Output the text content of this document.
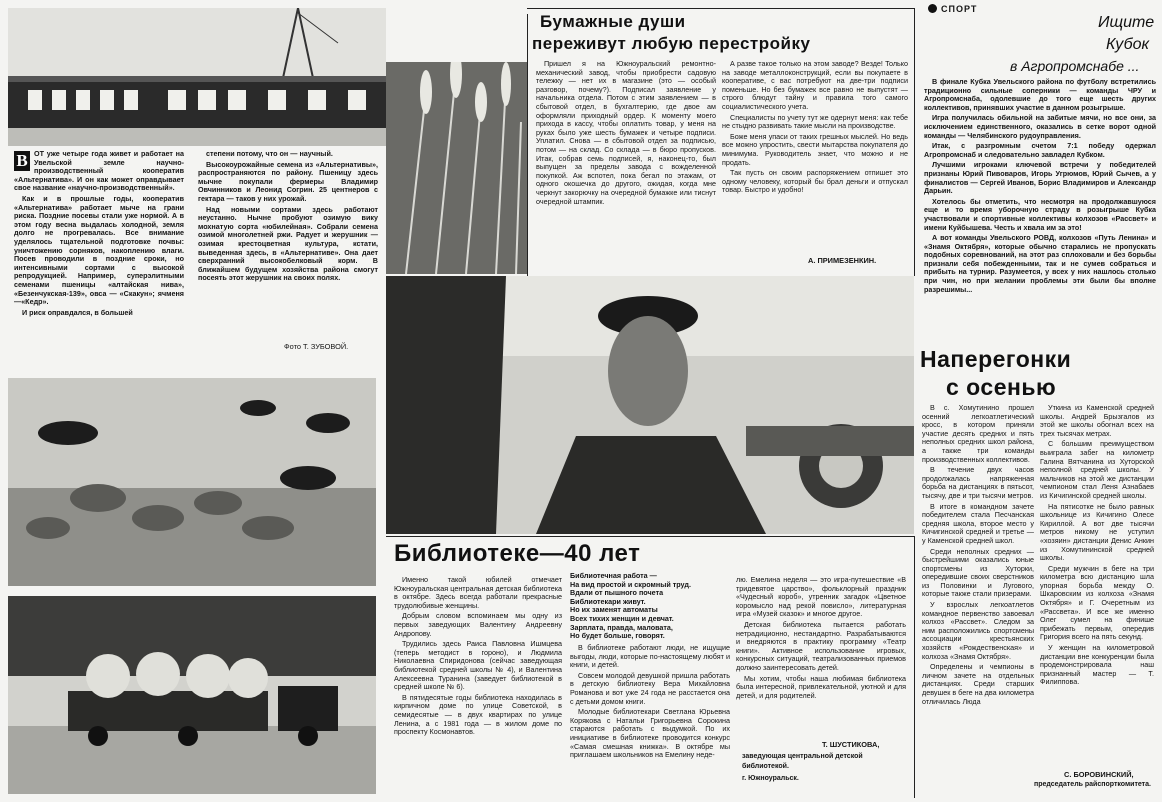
СПОРТ
В ОТ уже четыре года живет и работает на Увельской земле научно-производственный кооператив «Альтернатива». И он как может оправдывает свое название «научно-производственный».

Как и в прошлые годы, кооператив «Альтернатива» работает мыче на грани риска. Поздние посевы стали уже нормой. А в этом году весна выдалась холодной, земля долго не прогревалась. Все внимание уделялось тщательной подготовке почвы: уничтожению сорняков, накоплению влаги. Посев проводили в поздние сроки, но интенсивными сортами с высокой репродукцией. Например, суперэлитными семенами пшеницы «алтайская нива», «Безенчукская-139», овса — «Скакун»; ячменя—«Кедр».

И риск оправдался, в большей

степени потому, что он — научный.

Высокоурожайные семена из «Альтернативы», распространяются по району. Пшеницу здесь мычне покупали фермеры Владимир Овчинников и Леонид Согрин. 25 центнеров с гектара — таков у них урожай.

Над новыми сортами здесь работают неустанно. Нычне пробуют озимую вику мохнатую сорта «юбилейная». Собрали семена озимой многолетней ржи. Радует и жерушник — озимая крестоцветная культура, кстати, выведенная здесь, в «Альтернативе». Она дает сверхранний высокобелковый корм. В ближайшем будущем хозяйства района смогут посеять этот жерушник на своих полях.

Фото Т. ЗУБОВОЙ.
Бумажные души
переживут любую перестройку

Пришел я на Южноуральский ремонтно-механический завод, чтобы приобрести садовую тележку — нет их в магазине (это — особый разговор, почему?). Подписал заявление у начальника отдела. Потом с этим заявлением — в сбытовой отдел, в бухгалтерию, где двое ам оформляли приходный ордер. К моменту моего прихода в кассу, чтобы оплатить товар, у меня на руках было уже шесть бумажек и четыре подписи. Уплатил. Снова — в сбытовой отдел за подписью, потом — на склад. Со склада — в бюро пропусков. Итак, собрав семь подписей, я, наконец-то, был выпущен за пределы завода с вожделенной покупкой. Аж вспотел, пока бегал по этажам, от одного окошечка до другого, ожидая, когда мне черкнут закорючку на очередной бумажке или тиснут очередной штампик.

А разве такое только на этом заводе? Везде! Только на заводе металлоконструкций, если вы покупаете в кооперативе, с вас потребуют на две-три подписи поменьше. Но без бумажек все равно не выпустят — строго блюдут тайну и правила того самого социалистического учета.

Специалисты по учету тут же одернут меня: как тебе не стыдно развивать такие мысли на производстве.

Боже меня упаси от таких грешных мыслей. Но ведь все можно упростить, свести мытарства покупателя до минимума. Руководитель знает, что можно и не продать.

Так пусть он своим распоряжением отпишет это одному человеку, который бы брал деньги и отпускал товар. Быстро и удобно!

А. ПРИМЕЗЕНКИН.
Ищите
Кубок
в Агропромснабе ...

В финале Кубка Увельского района по футболу встретились традиционно сильные соперники — команды ЧРУ и Агропромснаба, одолевшие до того еще шесть других коллективов, принявших участие в данном розыгрыше.

Игра получилась обильной на забитые мячи, но все они, за исключением единственного, оказались в сетке ворот одной команды — Челябинского рудоуправления.

Итак, с разгромным счетом 7:1 победу одержал Агропромснаб и следовательно завладел Кубком.

Лучшими игроками ключевой встречи у победителей признаны Юрий Пивоваров, Игорь Угрюмов, Юрий Сычев, а у финалистов — Сергей Иванов, Борис Владимиров и Александр Дарьин.

Хотелось бы отметить, что несмотря на продолжавшуюся еще и то время уборочную страду в розыгрыше Кубка участвовали и спортивные коллективы колхозов «Рассвет» и имени Куйбышева. Честь и хвала им за это!

А вот команды Увельского РОВД, колхозов «Путь Ленина» и «Знамя Октября», которые обычно старались не пропускать подобных соревнований, на этот раз сплоховали и без борьбы признали себя побежденными, так и не сумев собраться и прибыть на турнир. Разумеется, у всех у них нашлось столько при чин, но при желании проблемы эти были бы вполне разрешимы...

Наперегонки
с осенью

В с. Хомутинино прошел осенний легкоатлетический кросс, в котором приняли участие десять средних и пять неполных средних школ района, а также три команды производственных коллективов.

В течение двух часов продолжалась напряженная борьба на дистанциях в пятьсот, тысячу, две и три тысячи метров.

В итоге в командном зачете победителем стала Песчанская средняя школа, второе место у Кичигинской средней и третье — у Каменской средней школ.

Среди неполных средних — быстрейшими оказались юные спортсмены из Хуторки, опередившие своих сверстников из Половинки и Лугового, которые также стали призерами.

У взрослых легкоатлетов командное первенство завоевал колхоз «Рассвет». Следом за ним расположились спортсмены ассоциации крестьянских хозяйств «Рождественская» и колхоза «Знамя Октября».

Определены и чемпионы в личном зачете на отдельных дистанциях. Среди старших девушек в беге на два километра отличилась Люда

Уткина из Каменской средней школы. Андрей Брызгалов из этой же школы обогнал всех на трех тысячах метрах.

С большим преимуществом выиграла забег на километр Галина Вятчанина из Хуторской неполной средней школы. У мальчиков на этой же дистанции чемпионом стал Леня Азнабаев из Кичигинской средней школы.

На пятисотке не было равных школьнице из Кичигино Олесе Кириллой. А вот две тысячи метров никому не уступил «хозяин» дистанции Денис Анкин из Хомутининской средней школы.

Среди мужчин в беге на три километра всю дистанцию шла упорная борьба между О. Шкаровским из колхоза «Знамя Октября» и Г. Очеретным из «Рассвета». И все же именно Олег сумел на финише прибежать первым, опередив Григория всего на пять секунд.

У женщин на километровой дистанции вне конкуренции была продемонстрировала наш признанный мастер — Т. Филиппова.

С. БОРОВИНСКИЙ,
председатель райспорткомитета.
Библиотеке—40 лет

Именно такой юбилей отмечает Южноуральская центральная детская библиотека в октябре. Здесь всегда работали прекрасные трудолюбивые женщины.

Добрым словом вспоминаем мы одну из первых заведующих Валентину Андреевну Андропову.

Трудились здесь Раиса Павловна Ишмцева (теперь методист в гороно), и Людмила Николаевна Спиридонова (сейчас заведующая библиотекой средней школы № 4), и Валентина Алексеевна Туранина (заведует библиотекой в средней школе № 6).

В пятидесятые годы библиотека находилась в кирпичном доме по улице Советской, в семидесятые — в двух квартирах по улице Ленина, а с 1981 года — в жилом доме по проспекту Космонавтов.

Библиотечная работа —
На вид простой и скромный труд.
Вдали от пышного почета
Библиотекари живут.
Но их заменят автоматы
Всех тихих женщин и девчат.
Зарплата, правда, маловата,
Но будет больше, говорят.

В библиотеке работают люди, не ищущие выгоды, люди, которые по-настоящему любят и книги, и детей.

Совсем молодой девушкой пришла работать в детскую библиотеку Вера Михайловна Романова и вот уже 24 года не расстается она с детьми домом книги.

Молодые библиотекари Светлана Юрьевна Корякова с Натальи Григорьевна Сорокина стараются работать с выдумкой. По их инициативе в библиотеке проводится конкурс «Самая смешная книжка». В октябре мы приглашаем школьников на Емелину неде-

лю. Емелина неделя — это игра-путешествие «В тридевятое царство», фольклорный праздник «Чудесный короб», утренник загадок «Цветное коромысло над рекой повисло», литературная игра «Музей сказок» и многое другое.

Детская библиотека пытается работать нетрадиционно, нестандартно. Разрабатываются и внедряются в практику программу «Театр книги». Активное использование игровых, конкурсных ситуаций, театрализованных приемов должно заинтересовать детей.

Мы хотим, чтобы наша любимая библиотека была интересной, привлекательной, уютной и для детей, и для родителей.

Т. ШУСТИКОВА,
заведующая центральной детской
библиотекой.
г. Южноуральск.
